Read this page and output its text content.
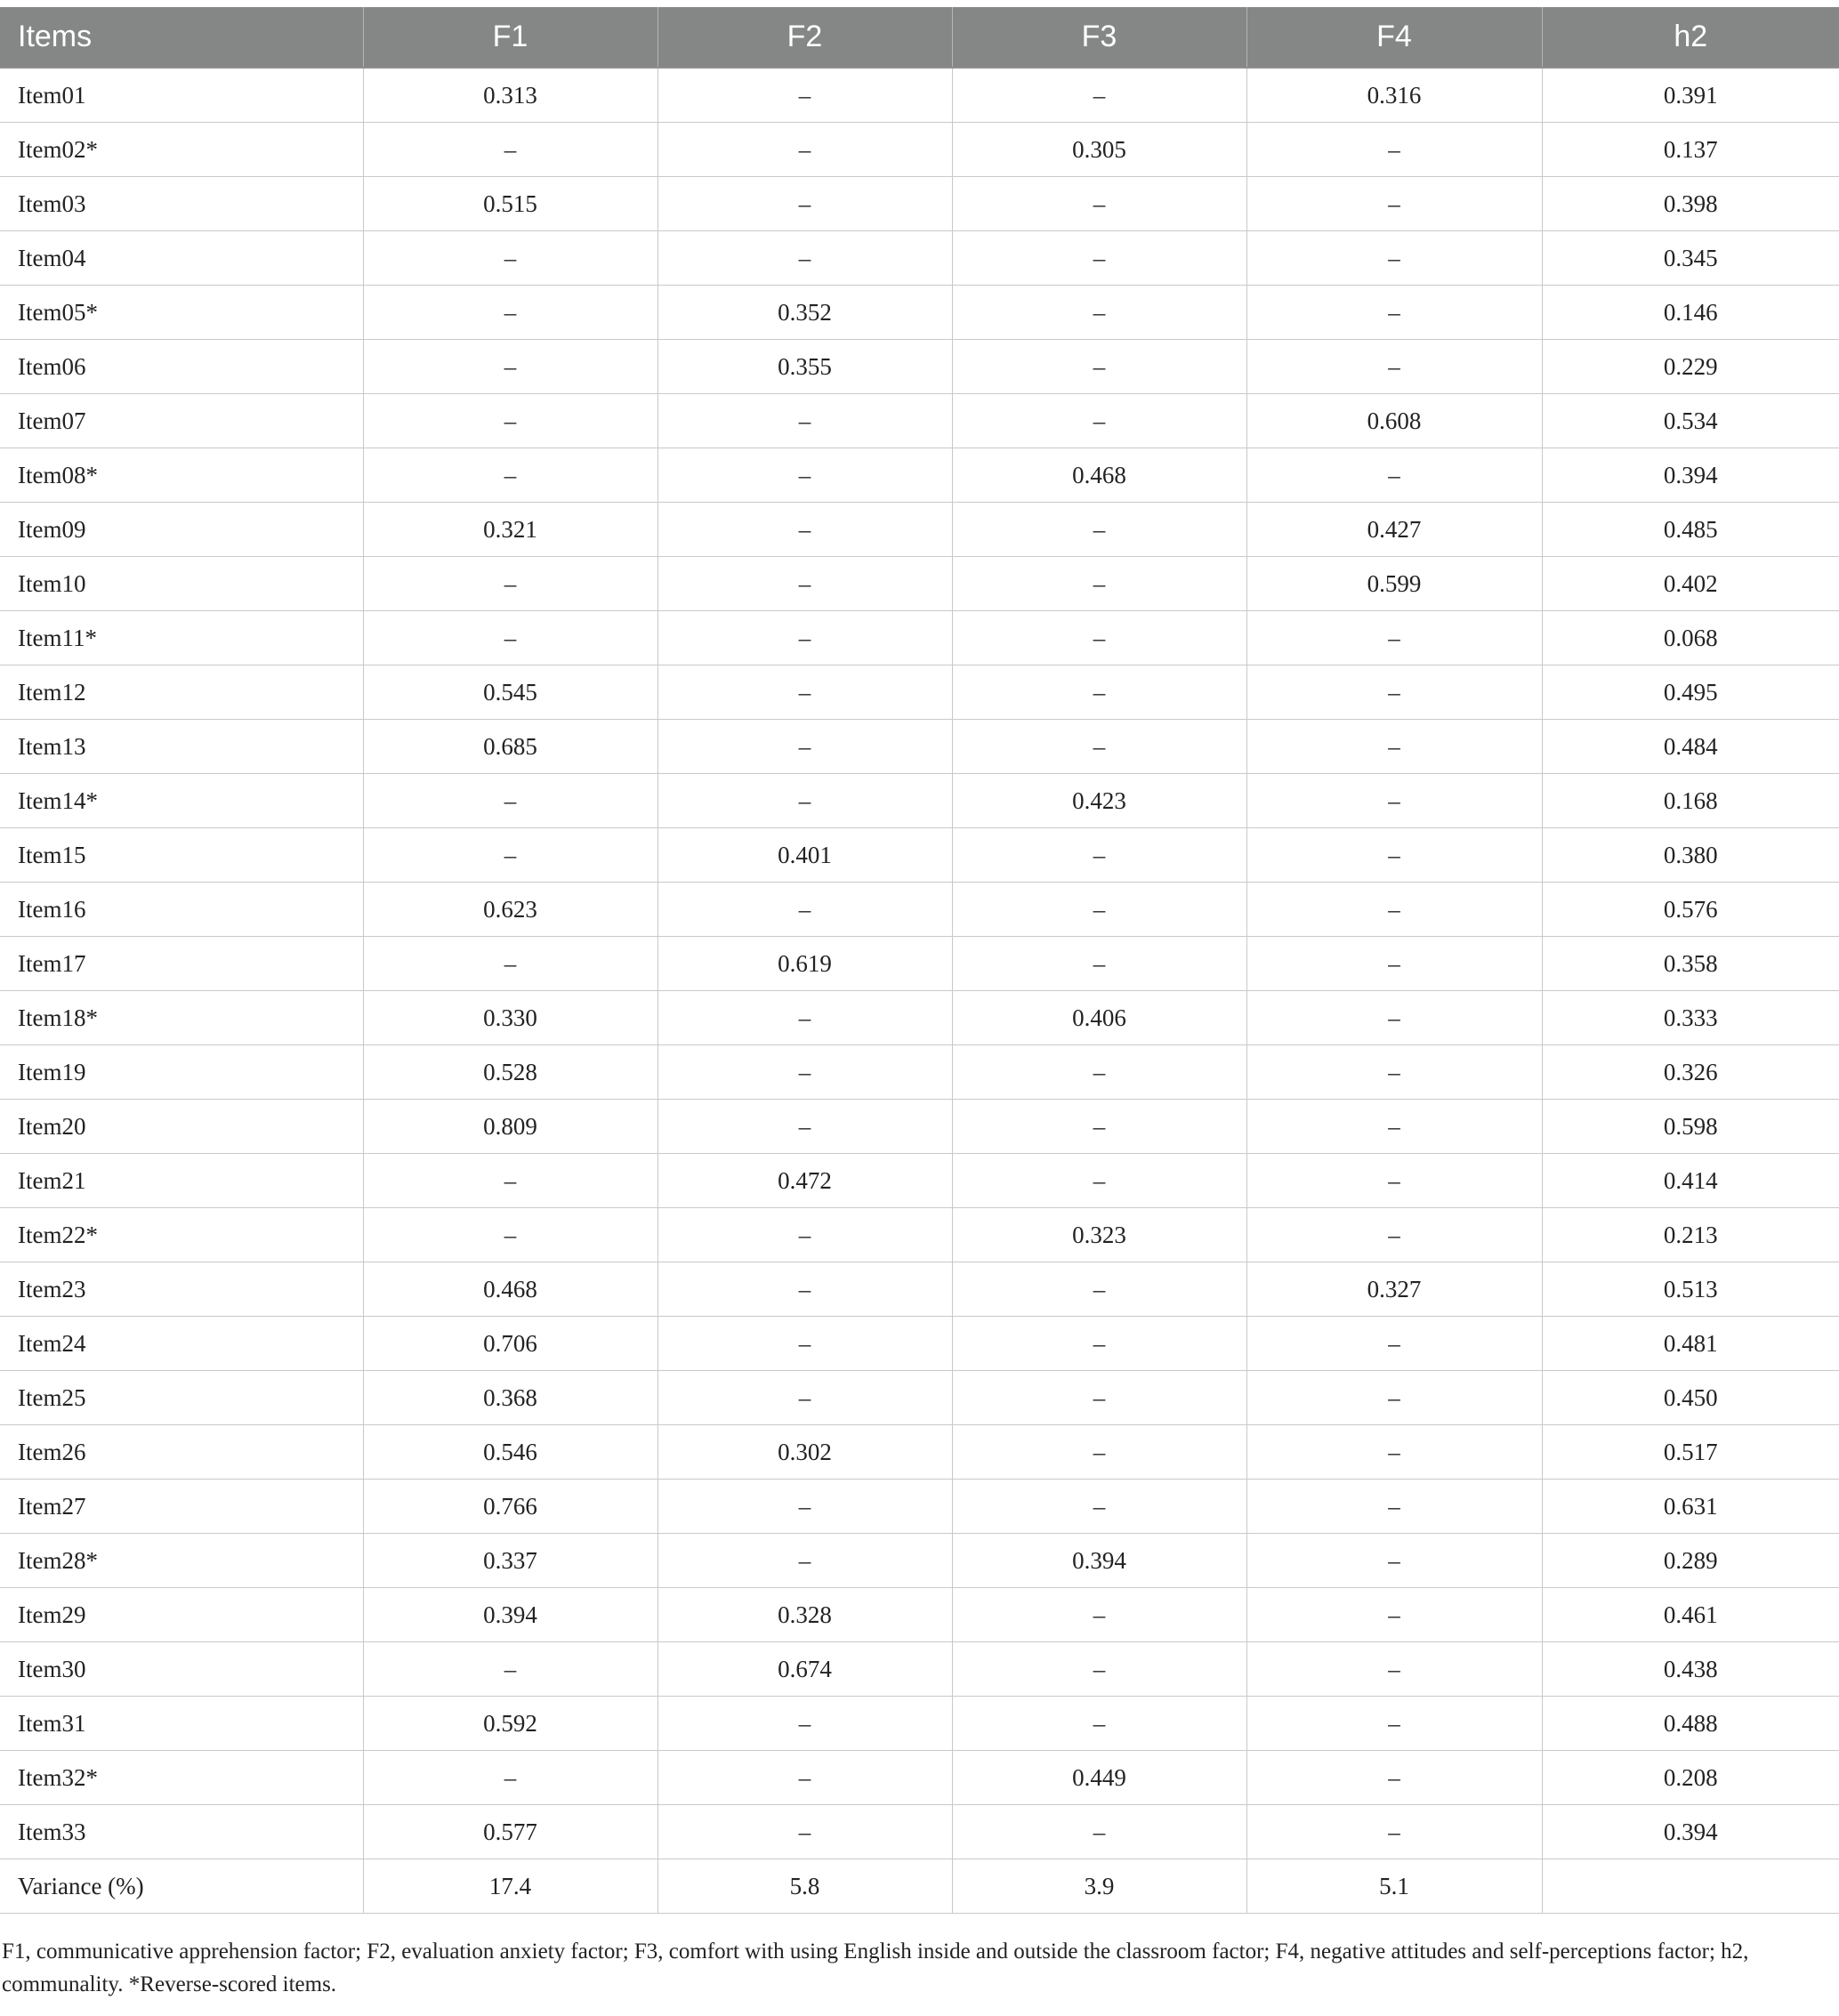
Items	F1	F2	F3	F4	h2
Item01	0.313	–	–	0.316	0.391
Item02*	–	–	0.305	–	0.137
Item03	0.515	–	–	–	0.398
Item04	–	–	–	–	0.345
Item05*	–	0.352	–	–	0.146
Item06	–	0.355	–	–	0.229
Item07	–	–	–	0.608	0.534
Item08*	–	–	0.468	–	0.394
Item09	0.321	–	–	0.427	0.485
Item10	–	–	–	0.599	0.402
Item11*	–	–	–	–	0.068
Item12	0.545	–	–	–	0.495
Item13	0.685	–	–	–	0.484
Item14*	–	–	0.423	–	0.168
Item15	–	0.401	–	–	0.380
Item16	0.623	–	–	–	0.576
Item17	–	0.619	–	–	0.358
Item18*	0.330	–	0.406	–	0.333
Item19	0.528	–	–	–	0.326
Item20	0.809	–	–	–	0.598
Item21	–	0.472	–	–	0.414
Item22*	–	–	0.323	–	0.213
Item23	0.468	–	–	0.327	0.513
Item24	0.706	–	–	–	0.481
Item25	0.368	–	–	–	0.450
Item26	0.546	0.302	–	–	0.517
Item27	0.766	–	–	–	0.631
Item28*	0.337	–	0.394	–	0.289
Item29	0.394	0.328	–	–	0.461
Item30	–	0.674	–	–	0.438
Item31	0.592	–	–	–	0.488
Item32*	–	–	0.449	–	0.208
Item33	0.577	–	–	–	0.394
Variance (%)	17.4	5.8	3.9	5.1	
F1, communicative apprehension factor; F2, evaluation anxiety factor; F3, comfort with using English inside and outside the classroom factor; F4, negative attitudes and self-perceptions factor; h2, communality. *Reverse-scored items.
